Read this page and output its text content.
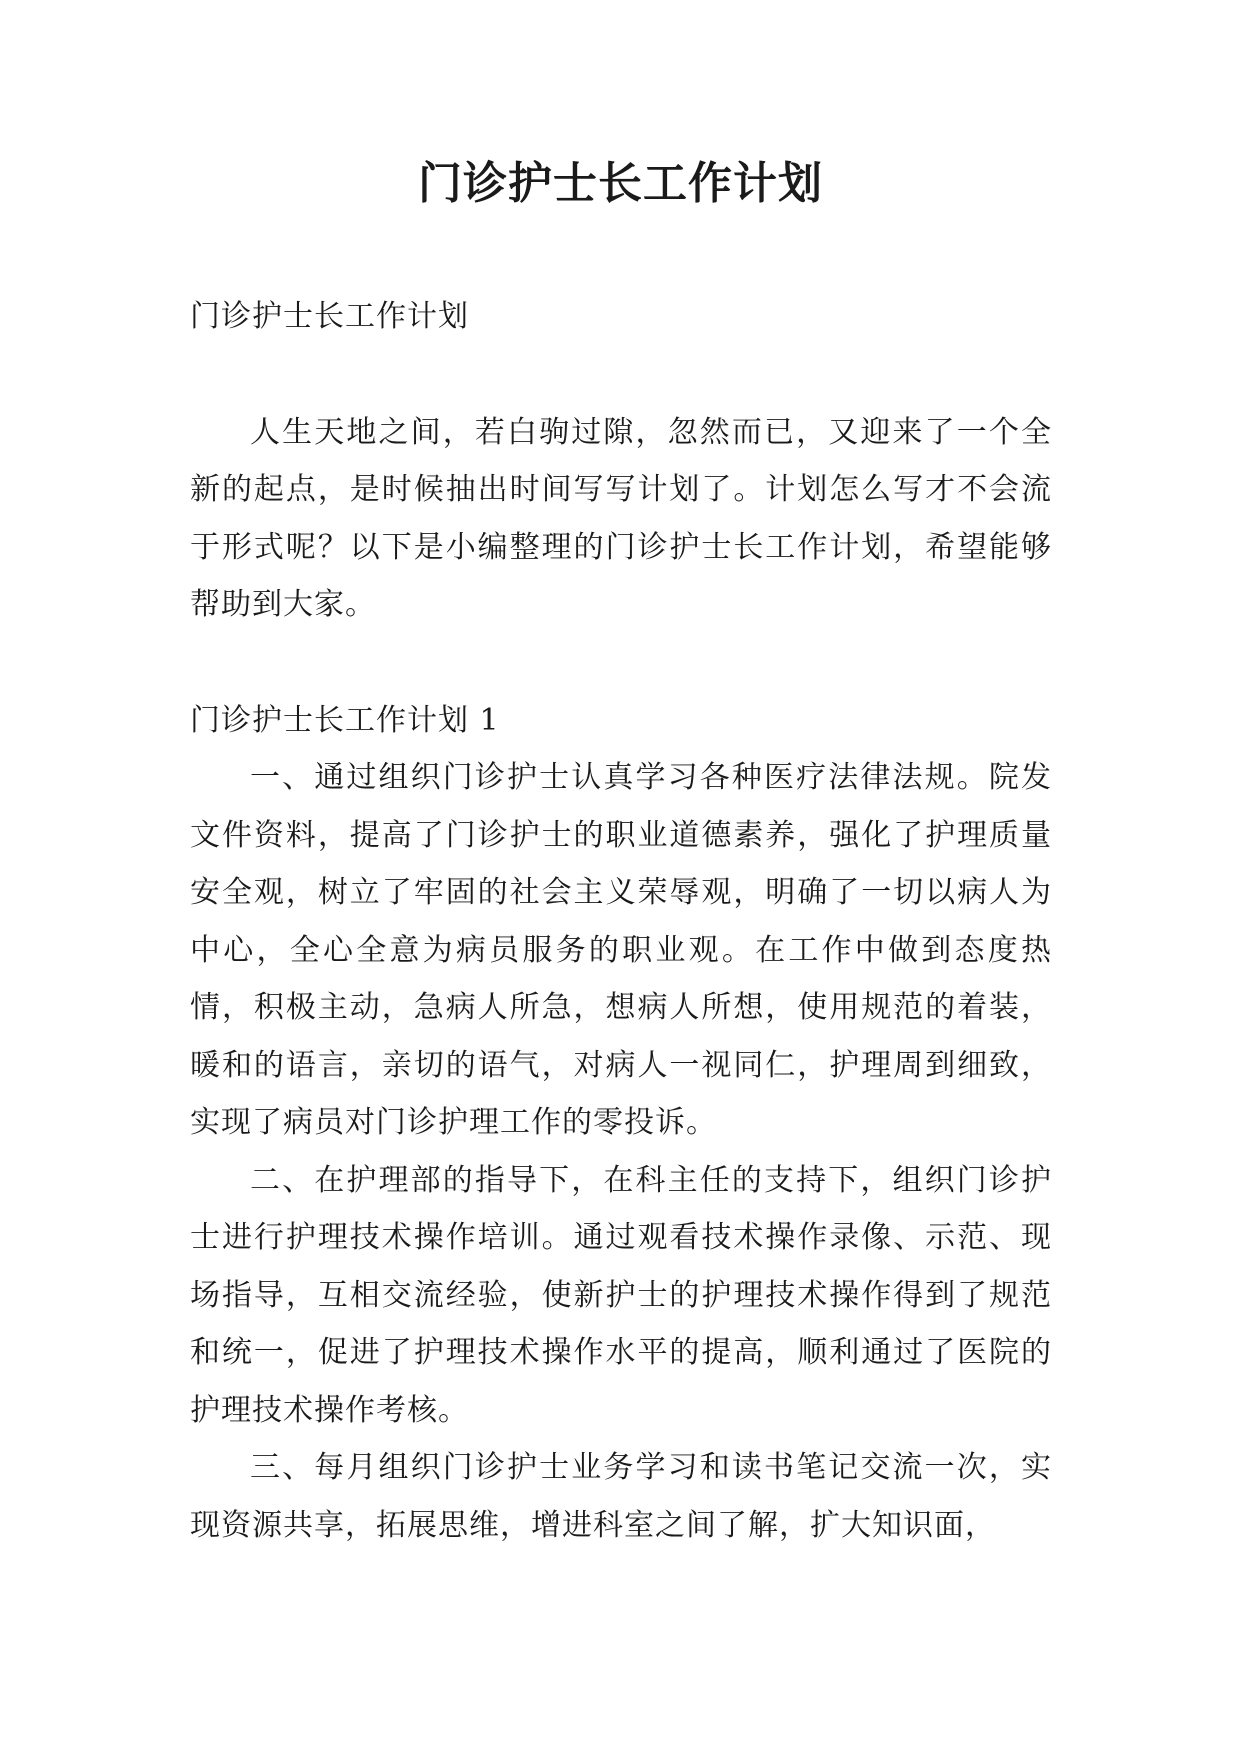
门诊护士长工作计划

门诊护士长工作计划

人生天地之间，若白驹过隙，忽然而已，又迎来了一个全新的起点，是时候抽出时间写写计划了。计划怎么写才不会流于形式呢？以下是小编整理的门诊护士长工作计划，希望能够帮助到大家。

门诊护士长工作计划 1

一、通过组织门诊护士认真学习各种医疗法律法规。院发文件资料，提高了门诊护士的职业道德素养，强化了护理质量安全观，树立了牢固的社会主义荣辱观，明确了一切以病人为中心，全心全意为病员服务的职业观。在工作中做到态度热情，积极主动，急病人所急，想病人所想，使用规范的着装，暖和的语言，亲切的语气，对病人一视同仁，护理周到细致，实现了病员对门诊护理工作的零投诉。

二、在护理部的指导下，在科主任的支持下，组织门诊护士进行护理技术操作培训。通过观看技术操作录像、示范、现场指导，互相交流经验，使新护士的护理技术操作得到了规范和统一，促进了护理技术操作水平的提高，顺利通过了医院的护理技术操作考核。

三、每月组织门诊护士业务学习和读书笔记交流一次，实现资源共享，拓展思维，增进科室之间了解，扩大知识面，
